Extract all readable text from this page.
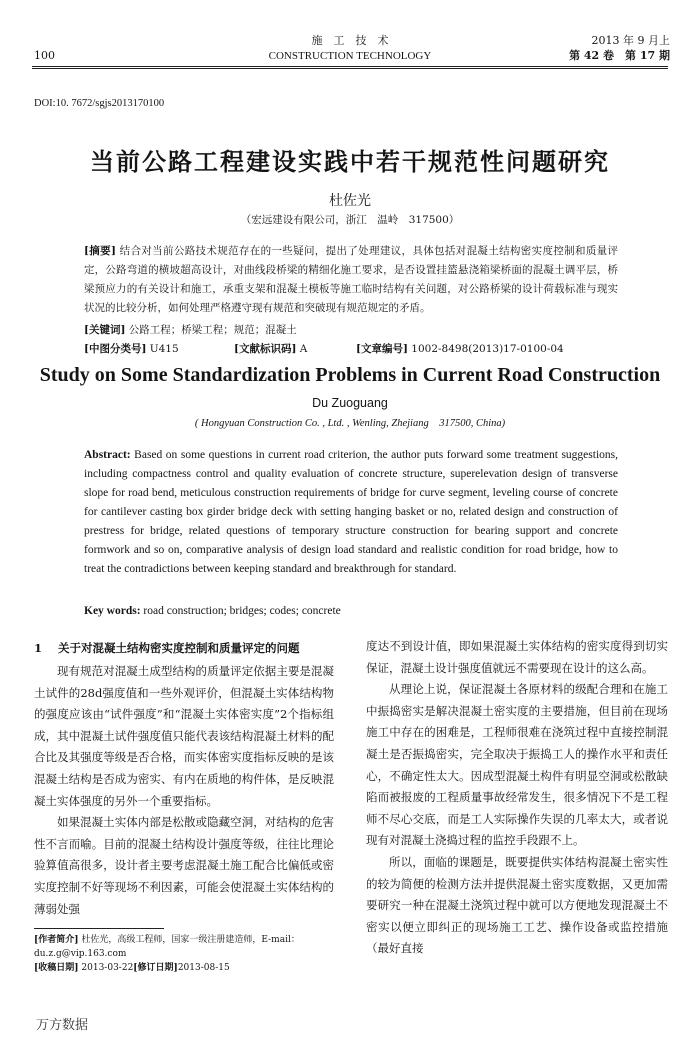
施　工　技　术
CONSTRUCTION TECHNOLOGY
100
2013 年 9 月上
第 42 卷　第 17 期
DOI:10. 7672/sgjs2013170100
当前公路工程建设实践中若干规范性问题研究
杜佐光
（宏远建设有限公司，浙江　温岭　317500）
[摘要] 结合对当前公路技术规范存在的一些疑问，提出了处理建议，具体包括对混凝土结构密实度控制和质量评定，公路弯道的横坡超高设计，对曲线段桥梁的精细化施工要求，是否设置挂篮悬浇箱梁桥面的混凝土调平层，桥梁预应力的有关设计和施工，承重支架和混凝土模板等施工临时结构有关问题，对公路桥梁的设计荷载标准与现实状况的比较分析，如何处理严格遵守现有规范和突破现有规范规定的矛盾。
[关键词] 公路工程；桥梁工程；规范；混凝土
[中图分类号] U415	[文献标识码] A	[文章编号] 1002-8498(2013)17-0100-04
Study on Some Standardization Problems in Current Road Construction
Du Zuoguang
( Hongyuan Construction Co. , Ltd. , Wenling, Zhejiang　317500, China)
Abstract: Based on some questions in current road criterion, the author puts forward some treatment suggestions, including compactness control and quality evaluation of concrete structure, superelevation design of transverse slope for road bend, meticulous construction requirements of bridge for curve segment, leveling course of concrete for cantilever casting box girder bridge deck with setting hanging basket or no, related design and construction of prestress for bridge, related questions of temporary structure construction for bearing support and concrete formwork and so on, comparative analysis of design load standard and realistic condition for road bridge, how to treat the contradictions between keeping standard and breakthrough for standard.
Key words: road construction; bridges; codes; concrete
1 关于对混凝土结构密实度控制和质量评定的问题

现有规范对混凝土成型结构的质量评定依据主要是混凝土试件的28d强度值和一些外观评价，但混凝土实体结构物的强度应该由“试件强度”和“混凝土实体密实度”2个指标组成，其中混凝土试件强度值只能代表该结构混凝土材料的配合比及其强度等级是否合格，而实体密实度指标反映的是该混凝土结构是否成为密实、有内在质地的构件体，是反映混凝土实体强度的另外一个重要指标。

如果混凝土实体内部是松散或隐藏空洞，对结构的危害性不言而喻。目前的混凝土结构设计强度等级，往往比理论验算值高很多，设计者主要考虑混凝土施工配合比偏低或密实度控制不好等现场不利因素，可能会使混凝土实体结构的薄弱处强

[作者简介] 杜佐光，高级工程师，国家一级注册建造师，E-mail：du.z.g@vip.163.com
[收稿日期] 2013-03-22[修订日期]2013-08-15

度达不到设计值，即如果混凝土实体结构的密实度得到切实保证，混凝土设计强度值就远不需要现在设计的这么高。

从理论上说，保证混凝土各原材料的级配合理和在施工中振捣密实是解决混凝土密实度的主要措施，但目前在现场施工中存在的困难是，工程师很难在浇筑过程中直接控制混凝土是否振捣密实，完全取决于振捣工人的操作水平和责任心，不确定性太大。因成型混凝土构件有明显空洞或松散缺陷而被报废的工程质量事故经常发生，很多情况下不是工程师不尽心交底，而是工人实际操作失误的几率太大，或者说现有对混凝土浇捣过程的监控手段跟不上。

所以，面临的课题是，既要提供实体结构混凝土密实性的较为简便的检测方法并提供混凝土密实度数据，又更加需要研究一种在混凝土浇筑过程中就可以方便地发现混凝土不密实以便立即纠正的现场施工工艺、操作设备或监控措施（最好直接

万方数据
